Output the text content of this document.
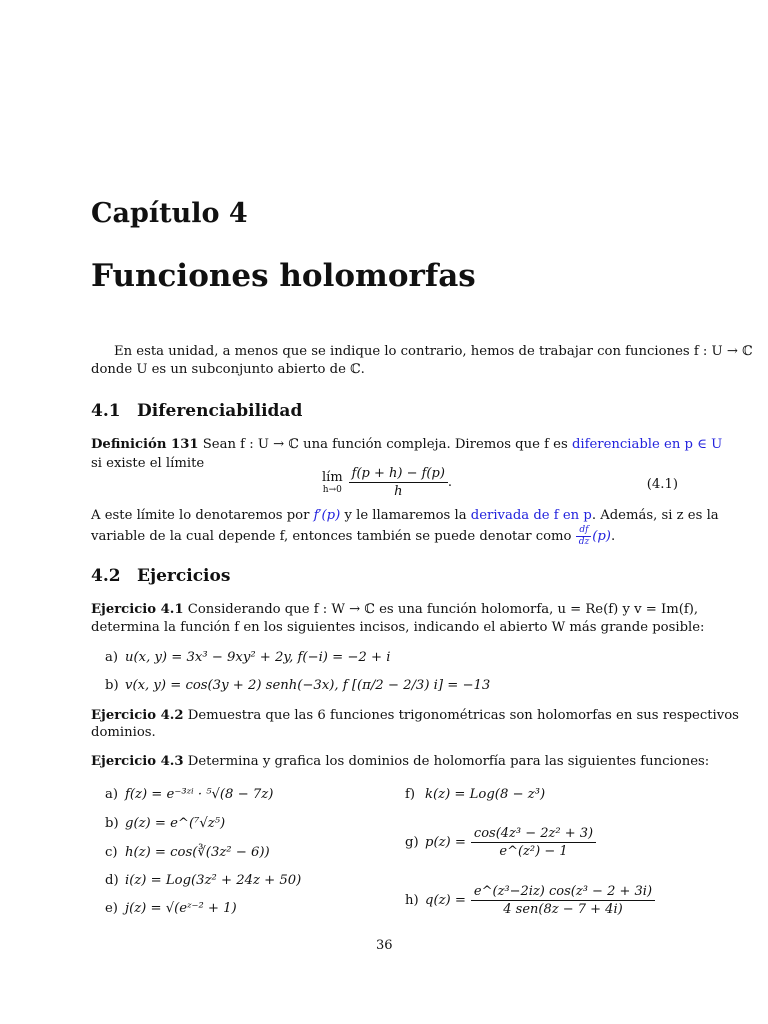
Capítulo 4
Funciones holomorfas
En esta unidad, a menos que se indique lo contrario, hemos de trabajar con funciones f : U → ℂ
donde U es un subconjunto abierto de ℂ.
4.1 Diferenciabilidad
Definición 131 Sean f : U → ℂ una función compleja. Diremos que f es diferenciable en p ∈ U
si existe el límite
lím
$h\to 0 \frac{f(p + h) - f(p)}{h}$ .	(4.1)
A este límite lo denotaremos por f′(p) y le llamaremos la derivada de f en p. Además, si z es la
variable de la cual depende f, entonces también se puede denotar como $\frac{df}{dz} (p)$.
4.2 Ejercicios
Ejercicio 4.1 Considerando que f : W → ℂ es una función holomorfa, u = Re(f) y v = Im(f),
determina la función f en los siguientes incisos, indicando el abierto W más grande posible:
a) u(x, y) = 3x³ − 9xy² + 2y, f(−i) = −2 + i
b) v(x, y) = cos(3y + 2) senh(−3x), f [(π/2 − 2/3) i] = −13
Ejercicio 4.2 Demuestra que las 6 funciones trigonométricas son holomorfas en sus respectivos
dominios.
Ejercicio 4.3 Determina y grafica los dominios de holomorfía para las siguientes funciones:
a) f(z) = e⁻³ᶻⁱ · ⁵√(8 − 7z)
b) g(z) = e^(⁷√z⁵)
c) h(z) = cos(∛(3z² − 6))
d) i(z) = Log(3z² + 24z + 50)
e) j(z) = √(eᶻ⁻² + 1)
f) k(z) = Log(8 − z³)
g) $p(z) = \frac{\text{cos(4z³ − 2z² + 3)}}{\text{e\textasciicircum{}(z²) − 1}}$
h) $q(z) = \frac{\text{e\textasciicircum{}(z³−2iz) cos(z³ − 2 + 3i)}}{\text{4 sen(8z − 7 + 4i)}}$
36
